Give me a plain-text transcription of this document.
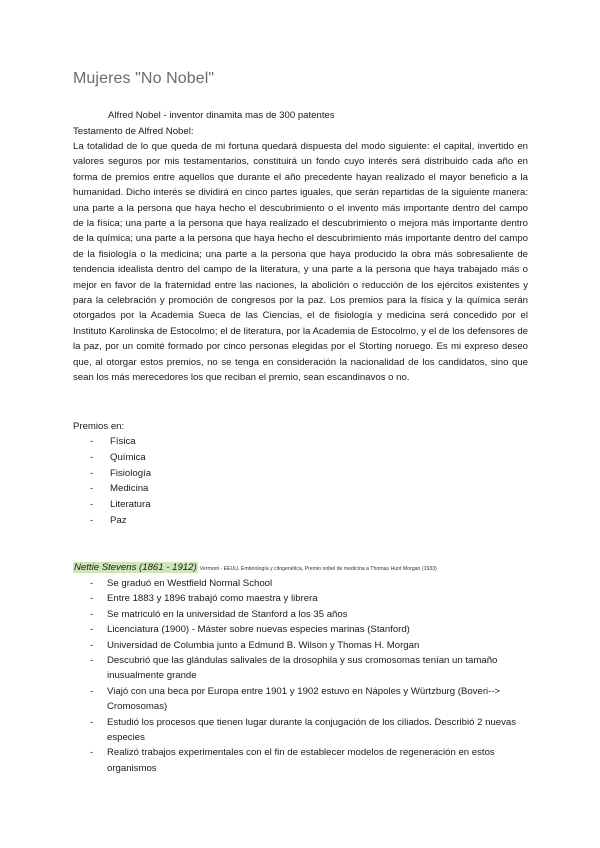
Mujeres "No Nobel"
Alfred Nobel - inventor dinamita mas de 300 patentes
Testamento de Alfred Nobel:

La totalidad de lo que queda de mi fortuna quedará dispuesta del modo siguiente: el capital, invertido en valores seguros por mis testamentarios, constituirá un fondo cuyo interés será distribuido cada año en forma de premios entre aquellos que durante el año precedente hayan realizado el mayor beneficio a la humanidad. Dicho interés se dividirá en cinco partes iguales, que serán repartidas de la siguiente manera: una parte a la persona que haya hecho el descubrimiento o el invento más importante dentro del campo de la física; una parte a la persona que haya realizado el descubrimiento o mejora más importante dentro de la química; una parte a la persona que haya hecho el descubrimiento más importante dentro del campo de la fisiología o la medicina; una parte a la persona que haya producido la obra más sobresaliente de tendencia idealista dentro del campo de la literatura, y una parte a la persona que haya trabajado más o mejor en favor de la fraternidad entre las naciones, la abolición o reducción de los ejércitos existentes y para la celebración y promoción de congresos por la paz. Los premios para la física y la química serán otorgados por la Academia Sueca de las Ciencias, el de fisiología y medicina será concedido por el Instituto Karolinska de Estocolmo; el de literatura, por la Academia de Estocolmo, y el de los defensores de la paz, por un comité formado por cinco personas elegidas por el Storting noruego. Es mi expreso deseo que, al otorgar estos premios, no se tenga en consideración la nacionalidad de los candidatos, sino que sean los más merecedores los que reciban el premio, sean escandinavos o no.

Premios en:
- Física
- Química
- Fisiología
- Medicina
- Literatura
- Paz
Nettie Stevens (1861 - 1912) Vermont - EEUU, Embriología y citogenética, Premio nobel de medicina a Thomas Hunt Morgan (1933)
- Se graduó en Westfield Normal School
- Entre 1883 y 1896 trabajó como maestra y librera
- Se matriculó en la universidad de Stanford a los 35 años
- Licenciatura (1900) - Máster sobre nuevas especies marinas (Stanford)
- Universidad de Columbia junto a Edmund B. Wilson y Thomas H. Morgan
- Descubrió que las glándulas salivales de la drosophila y sus cromosomas tenían un tamaño inusualmente grande
- Viajó con una beca por Europa entre 1901 y 1902 estuvo en Nápoles y Würtzburg (Boveri--> Cromosomas)
- Estudió los procesos que tienen lugar durante la conjugación de los ciliados. Describió 2 nuevas especies
- Realizó trabajos experimentales con el fin de establecer modelos de regeneración en estos organismos
